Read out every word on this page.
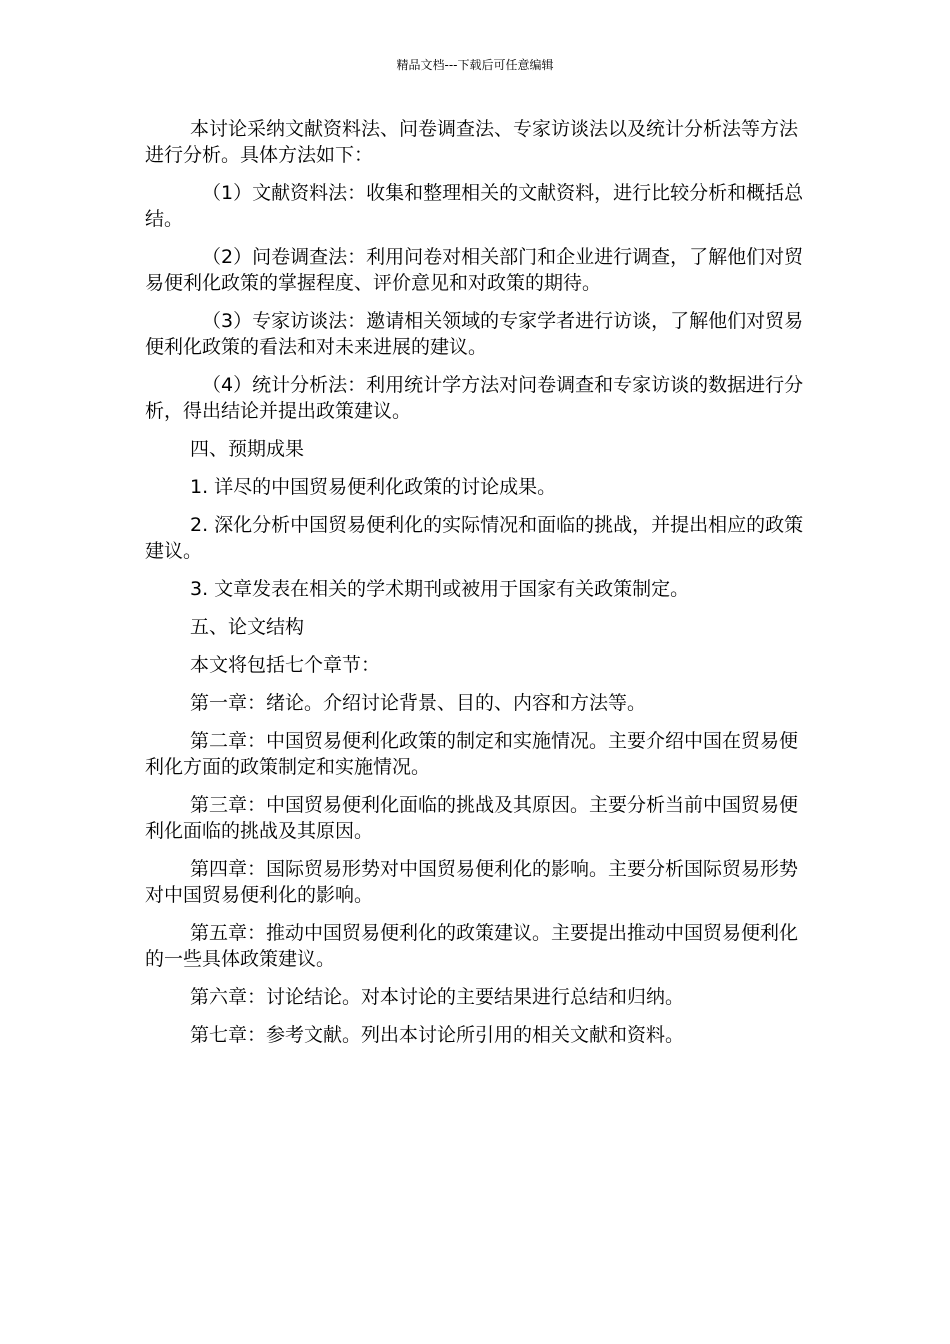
精品文档---下载后可任意编辑

本讨论采纳文献资料法、问卷调查法、专家访谈法以及统计分析法等方法进行分析。具体方法如下：

（1）文献资料法：收集和整理相关的文献资料，进行比较分析和概括总结。

（2）问卷调查法：利用问卷对相关部门和企业进行调查，了解他们对贸易便利化政策的掌握程度、评价意见和对政策的期待。

（3）专家访谈法：邀请相关领域的专家学者进行访谈，了解他们对贸易便利化政策的看法和对未来进展的建议。

（4）统计分析法：利用统计学方法对问卷调查和专家访谈的数据进行分析，得出结论并提出政策建议。

四、预期成果

1. 详尽的中国贸易便利化政策的讨论成果。

2. 深化分析中国贸易便利化的实际情况和面临的挑战，并提出相应的政策建议。

3. 文章发表在相关的学术期刊或被用于国家有关政策制定。

五、论文结构

本文将包括七个章节：

第一章：绪论。介绍讨论背景、目的、内容和方法等。

第二章：中国贸易便利化政策的制定和实施情况。主要介绍中国在贸易便利化方面的政策制定和实施情况。

第三章：中国贸易便利化面临的挑战及其原因。主要分析当前中国贸易便利化面临的挑战及其原因。

第四章：国际贸易形势对中国贸易便利化的影响。主要分析国际贸易形势对中国贸易便利化的影响。

第五章：推动中国贸易便利化的政策建议。主要提出推动中国贸易便利化的一些具体政策建议。

第六章：讨论结论。对本讨论的主要结果进行总结和归纳。

第七章：参考文献。列出本讨论所引用的相关文献和资料。
